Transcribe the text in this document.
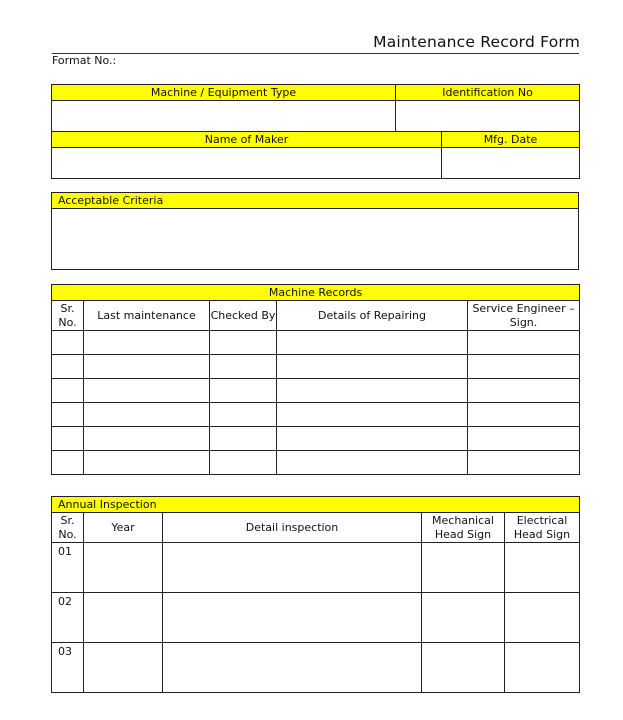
Maintenance Record Form
Format No.:
Machine / Equipment Type	Identification No	

Name of Maker		Mfg. Date

Acceptable Criteria

Machine Records				
Sr. No.	Last maintenance	Checked By	Details of Repairing	Service Engineer – Sign.

Annual Inspection				
Sr. No.	Year	Detail inspection	Mechanical Head Sign	Electrical Head Sign
01				
02				
03				
